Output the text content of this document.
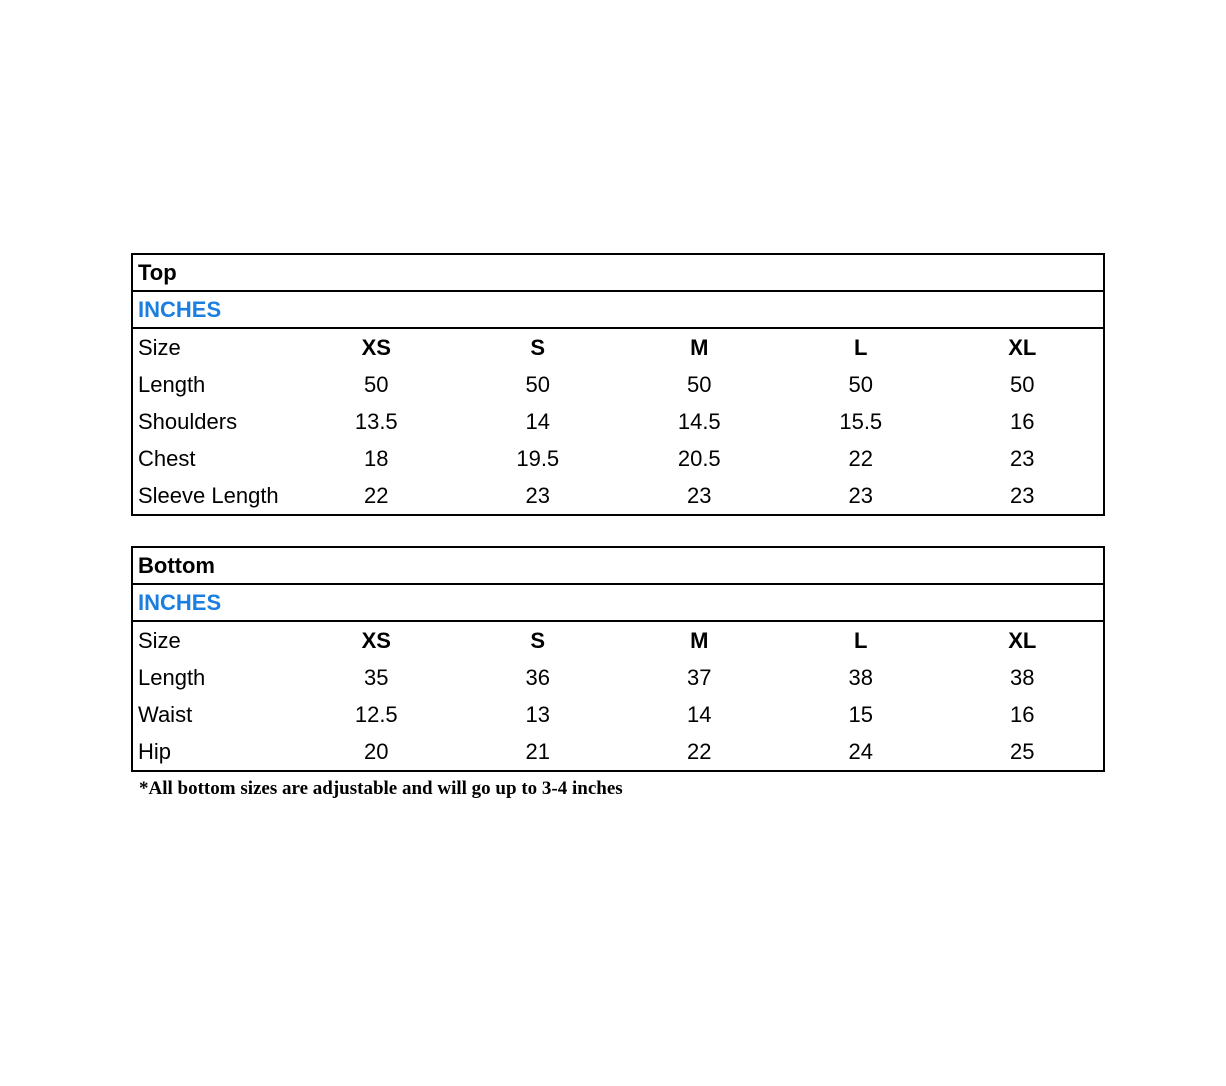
Top
INCHES
Size	XS	S	M	L	XL
Length	50	50	50	50	50
Shoulders	13.5	14	14.5	15.5	16
Chest	18	19.5	20.5	22	23
Sleeve Length	22	23	23	23	23
Bottom
INCHES
Size	XS	S	M	L	XL
Length	35	36	37	38	38
Waist	12.5	13	14	15	16
Hip	20	21	22	24	25
*All bottom sizes are adjustable and will go up to 3-4 inches
